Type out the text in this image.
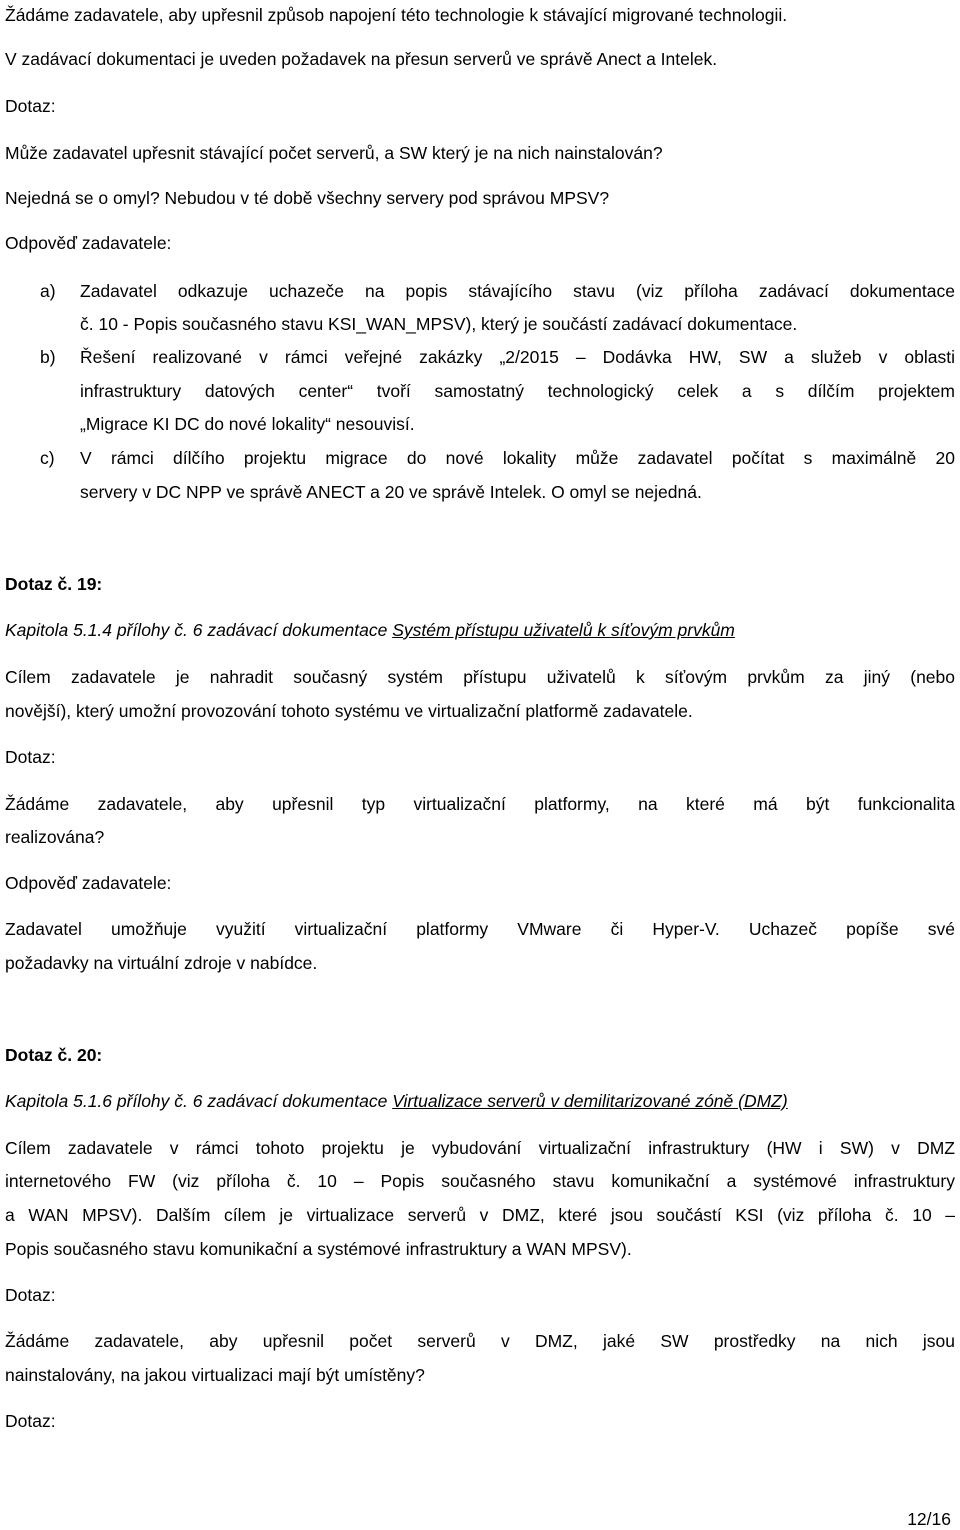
Žádáme zadavatele, aby upřesnil způsob napojení této technologie k stávající migrované technologii.
V zadávací dokumentaci je uveden požadavek na přesun serverů ve správě Anect a Intelek.
Dotaz:
Může zadavatel upřesnit stávající počet serverů, a SW který je na nich nainstalován?
Nejedná se o omyl? Nebudou v té době všechny servery pod správou MPSV?
Odpověď zadavatele:
a) Zadavatel odkazuje uchazeče na popis stávajícího stavu (viz příloha zadávací dokumentace
č. 10 - Popis současného stavu KSI_WAN_MPSV), který je součástí zadávací dokumentace.
b) Řešení realizované v rámci veřejné zakázky „2/2015 – Dodávka HW, SW a služeb v oblasti
infrastruktury datových center“ tvoří samostatný technologický celek a s dílčím projektem
„Migrace KI DC do nové lokality“ nesouvisí.
c) V rámci dílčího projektu migrace do nové lokality může zadavatel počítat s maximálně 20
servery v DC NPP ve správě ANECT a 20 ve správě Intelek. O omyl se nejedná.
Dotaz č. 19:
Kapitola 5.1.4 přílohy č. 6 zadávací dokumentace Systém přístupu uživatelů k síťovým prvkům
Cílem zadavatele je nahradit současný systém přístupu uživatelů k síťovým prvkům za jiný (nebo
novější), který umožní provozování tohoto systému ve virtualizační platformě zadavatele.
Dotaz:
Žádáme zadavatele, aby upřesnil typ virtualizační platformy, na které má být funkcionalita
realizována?
Odpověď zadavatele:
Zadavatel umožňuje využití virtualizační platformy VMware či Hyper-V. Uchazeč popíše své
požadavky na virtuální zdroje v nabídce.
Dotaz č. 20:
Kapitola 5.1.6 přílohy č. 6 zadávací dokumentace Virtualizace serverů v demilitarizované zóně (DMZ)
Cílem zadavatele v rámci tohoto projektu je vybudování virtualizační infrastruktury (HW i SW) v DMZ
internetového FW (viz příloha č. 10 – Popis současného stavu komunikační a systémové infrastruktury
a WAN MPSV). Dalším cílem je virtualizace serverů v DMZ, které jsou součástí KSI (viz příloha č. 10 –
Popis současného stavu komunikační a systémové infrastruktury a WAN MPSV).
Dotaz:
Žádáme zadavatele, aby upřesnil počet serverů v DMZ, jaké SW prostředky na nich jsou
nainstalovány, na jakou virtualizaci mají být umístěny?
Dotaz:
12/16
